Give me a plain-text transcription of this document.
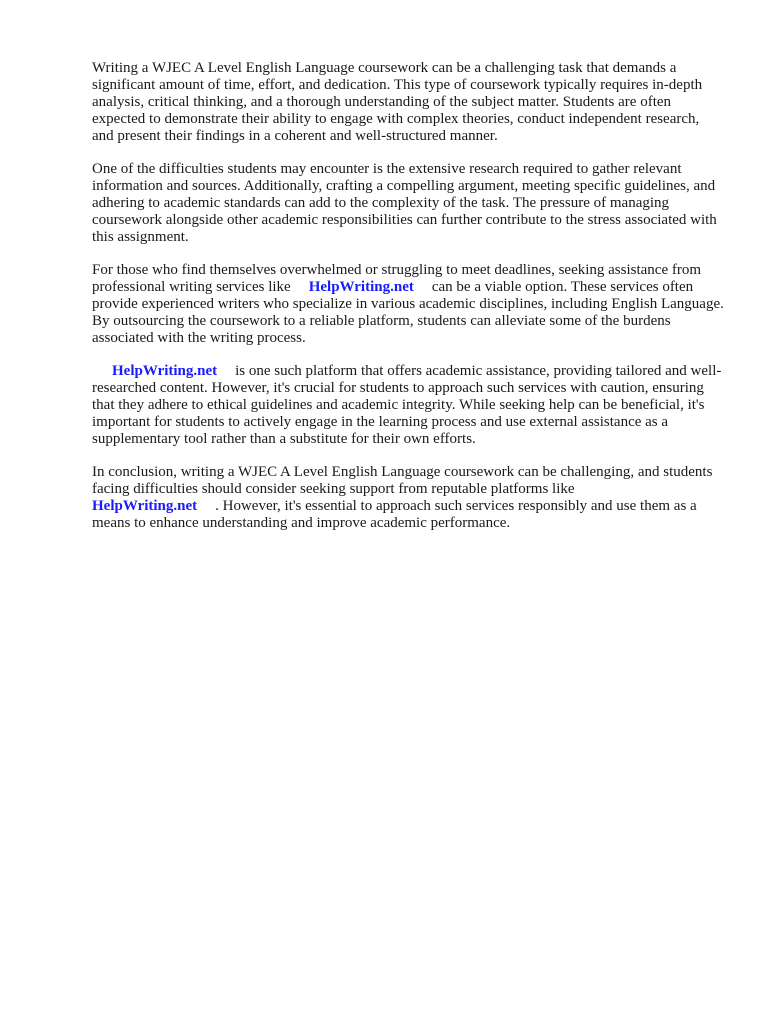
Writing a WJEC A Level English Language coursework can be a challenging task that demands a significant amount of time, effort, and dedication. This type of coursework typically requires in-depth analysis, critical thinking, and a thorough understanding of the subject matter. Students are often expected to demonstrate their ability to engage with complex theories, conduct independent research, and present their findings in a coherent and well-structured manner.

One of the difficulties students may encounter is the extensive research required to gather relevant information and sources. Additionally, crafting a compelling argument, meeting specific guidelines, and adhering to academic standards can add to the complexity of the task. The pressure of managing coursework alongside other academic responsibilities can further contribute to the stress associated with this assignment.

For those who find themselves overwhelmed or struggling to meet deadlines, seeking assistance from professional writing services like HelpWriting.net can be a viable option. These services often provide experienced writers who specialize in various academic disciplines, including English Language. By outsourcing the coursework to a reliable platform, students can alleviate some of the burdens associated with the writing process.

HelpWriting.net is one such platform that offers academic assistance, providing tailored and well-researched content. However, it's crucial for students to approach such services with caution, ensuring that they adhere to ethical guidelines and academic integrity. While seeking help can be beneficial, it's important for students to actively engage in the learning process and use external assistance as a supplementary tool rather than a substitute for their own efforts.

In conclusion, writing a WJEC A Level English Language coursework can be challenging, and students facing difficulties should consider seeking support from reputable platforms like
HelpWriting.net . However, it's essential to approach such services responsibly and use them as a means to enhance understanding and improve academic performance.
